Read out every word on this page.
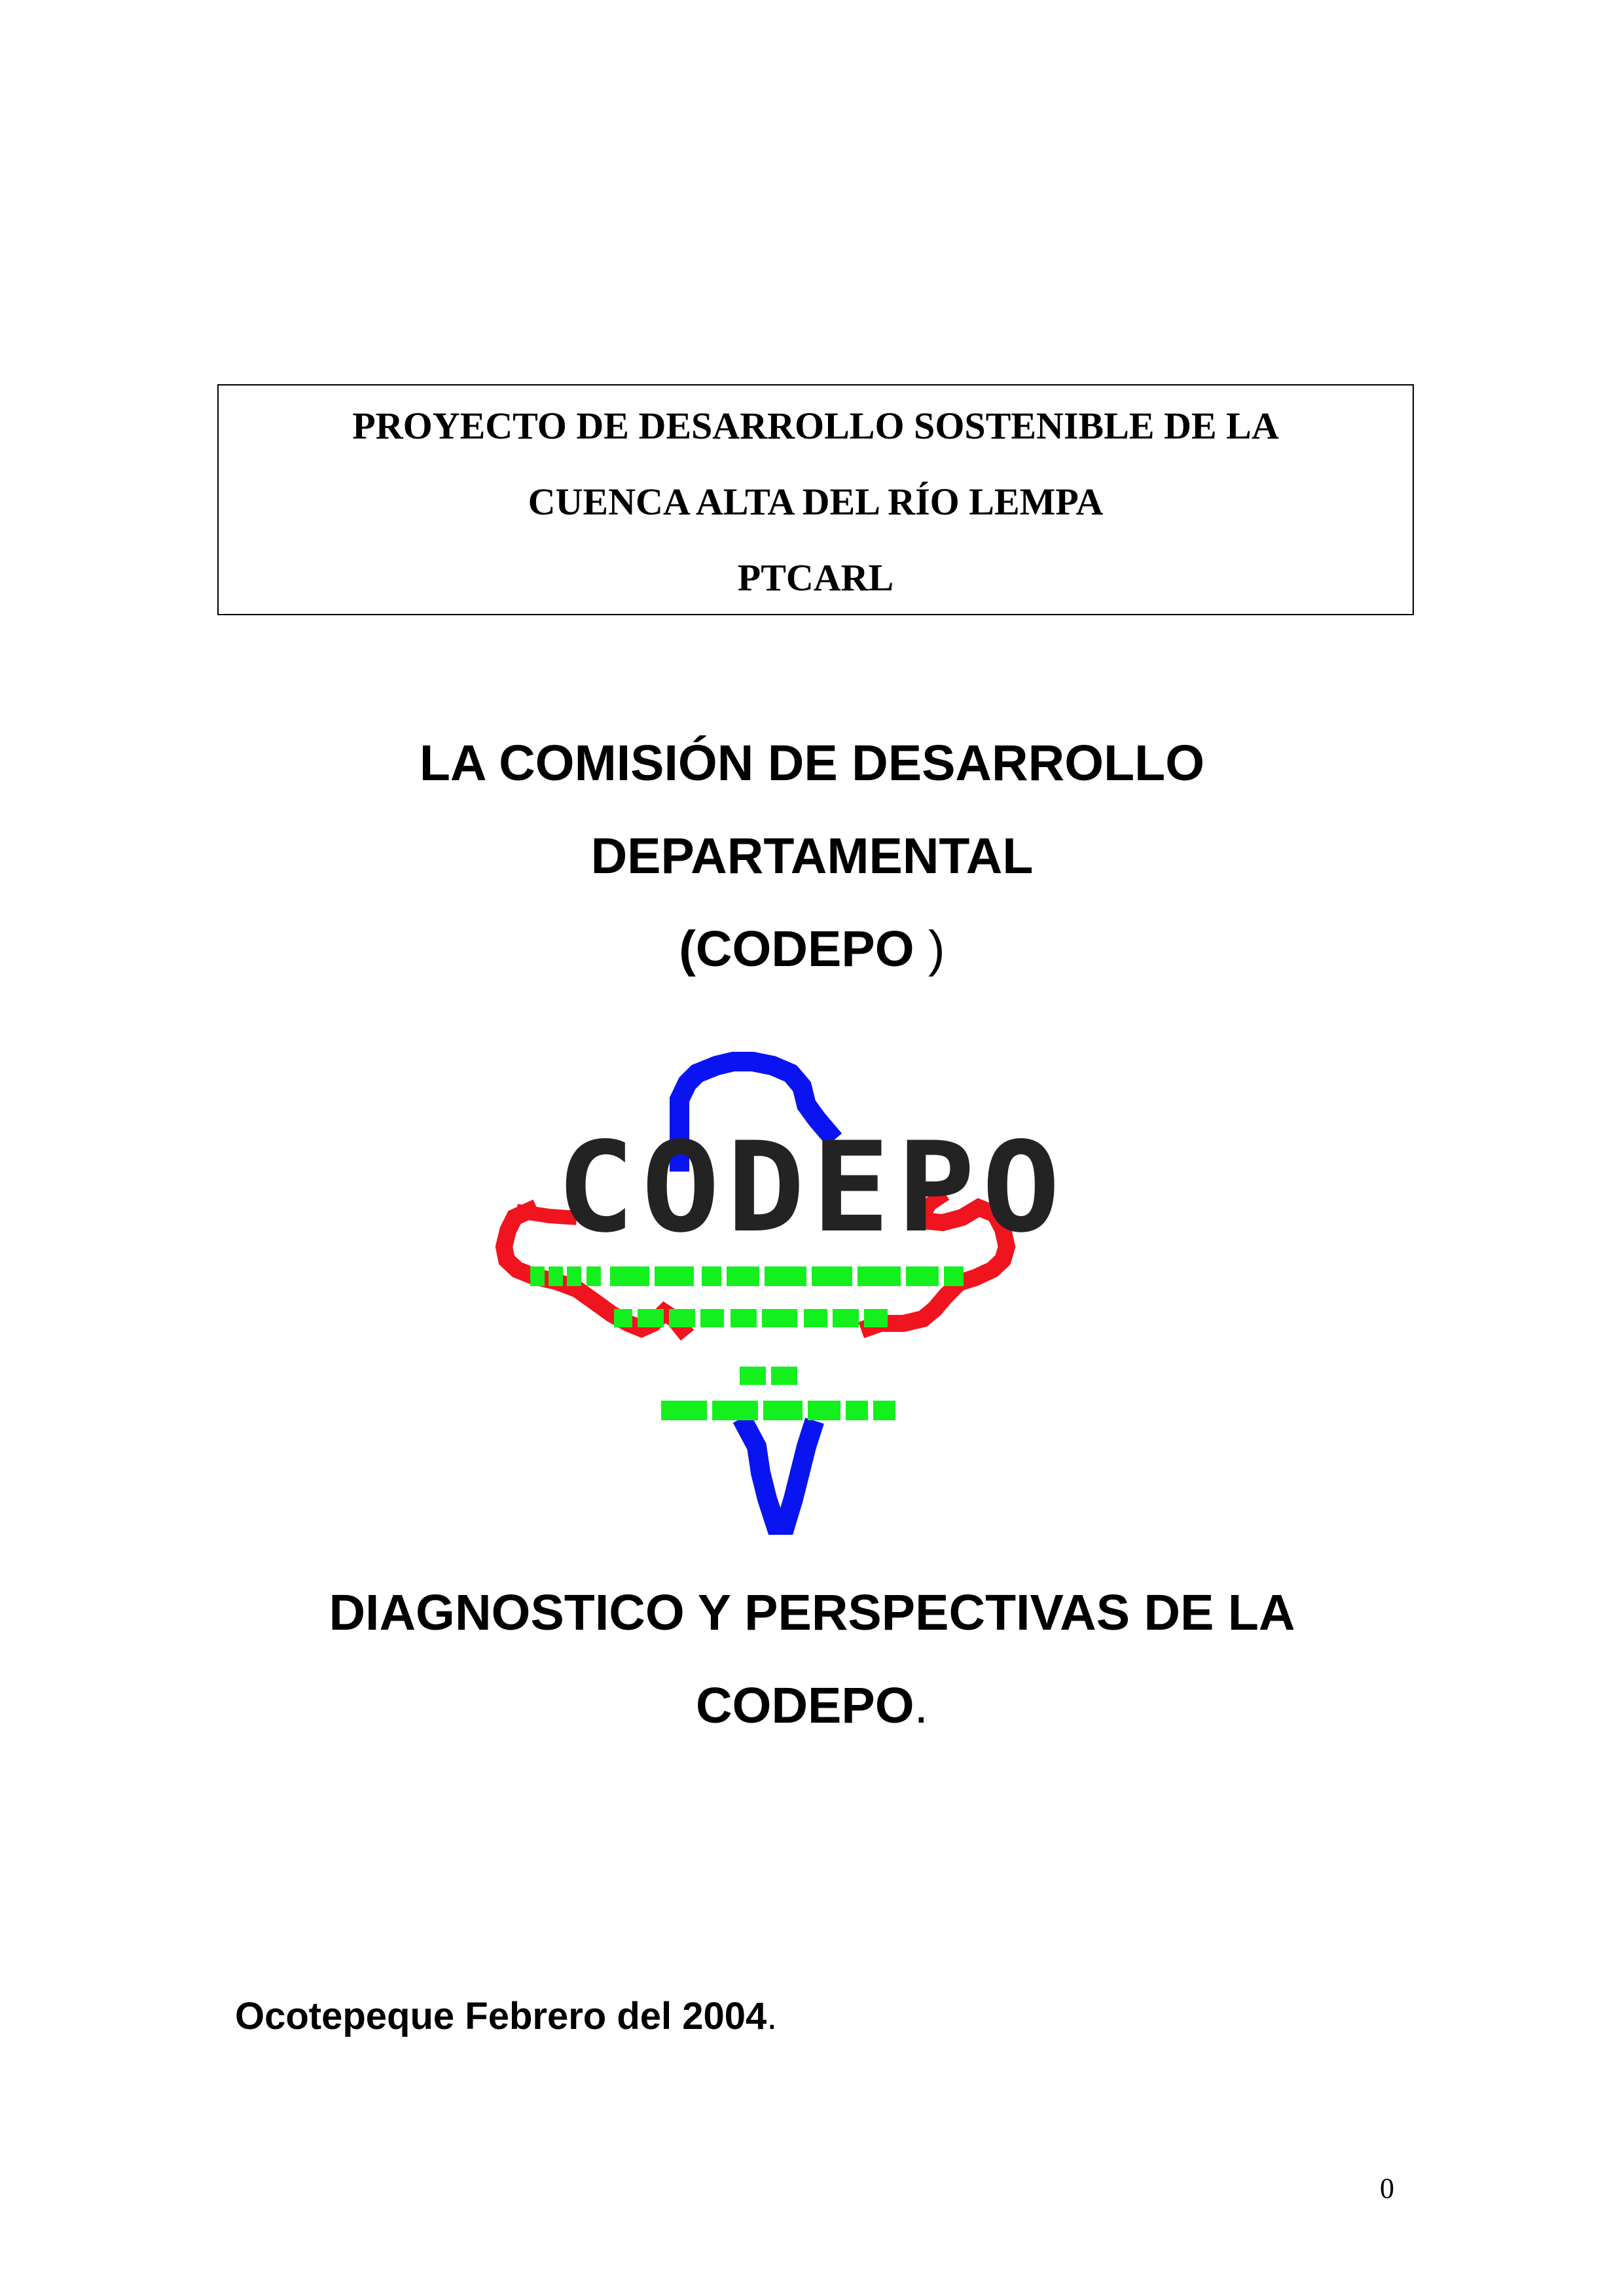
PROYECTO DE DESARROLLO SOSTENIBLE DE LA
CUENCA ALTA DEL RÍO LEMPA
PTCARL
LA COMISIÓN DE DESARROLLO
DEPARTAMENTAL
(CODEPO )
CODEPO
DIAGNOSTICO Y PERSPECTIVAS DE LA
CODEPO.
Ocotepeque Febrero del 2004.
0
